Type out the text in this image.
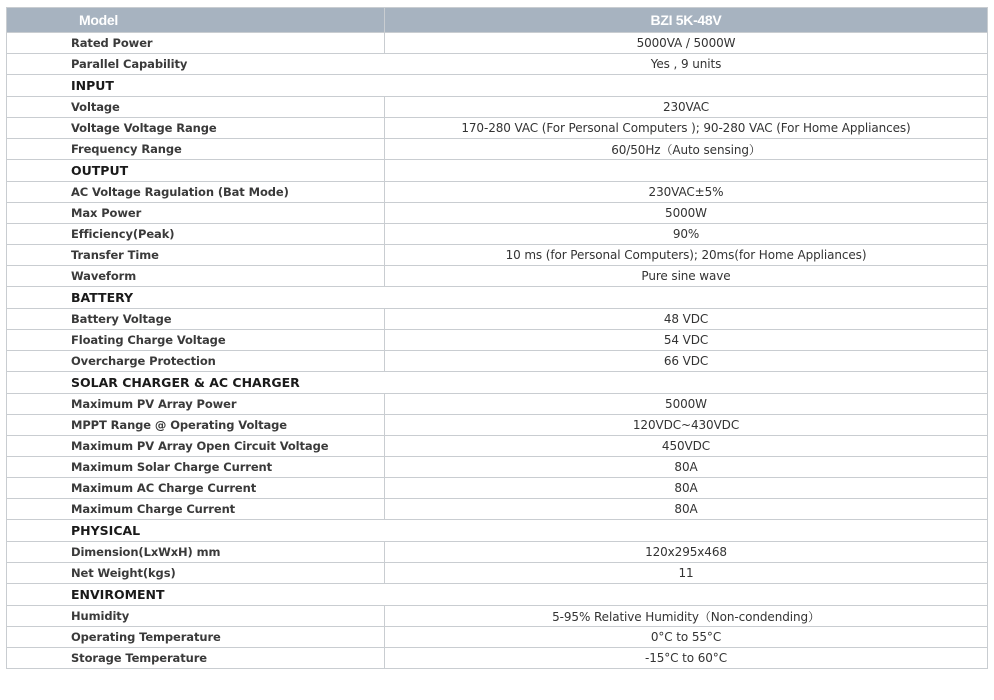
Model	BZI 5K-48V
Rated Power	5000VA / 5000W
Parallel Capability	Yes , 9 units
INPUT	
Voltage	230VAC
Voltage Voltage Range	170-280 VAC (For Personal Computers ); 90-280 VAC (For Home Appliances)
Frequency Range	60/50Hz（Auto sensing）
OUTPUT	
AC Voltage Ragulation (Bat Mode)	230VAC±5%
Max Power	5000W
Efficiency(Peak)	90%
Transfer Time	10 ms (for Personal Computers); 20ms(for Home Appliances)
Waveform	Pure sine wave
BATTERY	
Battery Voltage	48 VDC
Floating Charge Voltage	54 VDC
Overcharge Protection	66 VDC
SOLAR CHARGER & AC CHARGER	
Maximum PV Array Power	5000W
MPPT Range @ Operating Voltage	120VDC~430VDC
Maximum PV Array Open Circuit Voltage	450VDC
Maximum Solar Charge Current	80A
Maximum AC Charge Current	80A
Maximum Charge Current	80A
PHYSICAL	
Dimension(LxWxH) mm	120x295x468
Net Weight(kgs)	11
ENVIROMENT	
Humidity	5-95% Relative Humidity（Non-condending）
Operating Temperature	0°C to 55°C
Storage Temperature	-15°C to 60°C
